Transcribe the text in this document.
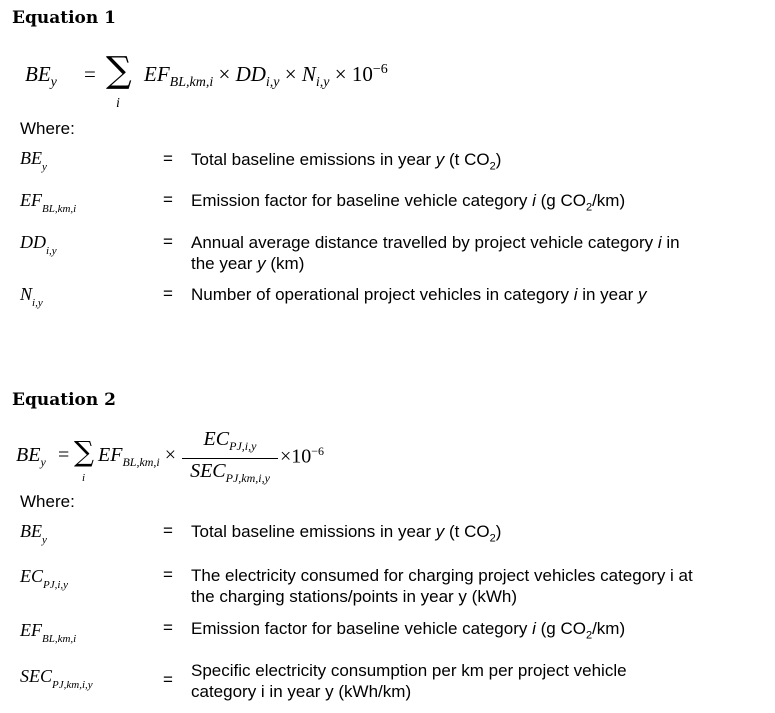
Equation 1
$BE_y$ = ∑
i
$EF_{BL,km,i} \times DD_{i,y} \times N_{i,y} \times 10^{-6}$
Where:
$BE_y$	= Total baseline emissions in year y (t $CO_2$)
$EF_{BL,km,i}$	= Emission factor for baseline vehicle category i (g $CO_2/km$)
$DD_{i,y}$	= Annual average distance travelled by project vehicle category i in
the year y (km)
$N_{i,y}$	= Number of operational project vehicles in category i in year y
Equation 2
$BE_y$ = ∑
i
$EF_{BL,km,i}$ ×
$EC_{PJ,i,y}$
$SEC_{PJ,km,i,y}$
$\times 10^{-6}$
Where:
$BE_y$	= Total baseline emissions in year y (t $CO_2$)
$EC_{PJ,i,y}$
= The electricity consumed for charging project vehicles category i at
the charging stations/points in year y (kWh)
$EF_{BL,km,i}$
= Emission factor for baseline vehicle category i (g $CO_2/km$)
$SEC_{PJ,km,i,y}$	= Specific electricity consumption per km per project vehicle
category i in year y (kWh/km)
